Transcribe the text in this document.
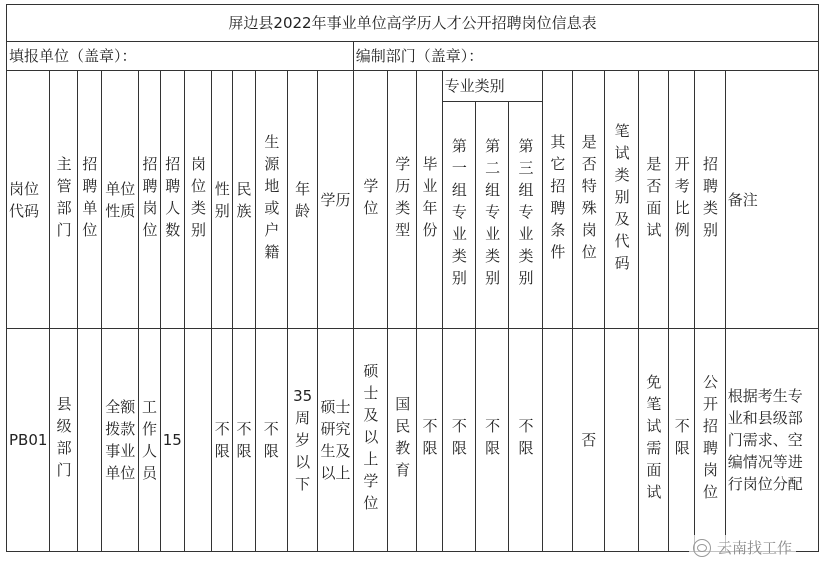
屏边县2022年事业单位高学历人才公开招聘岗位信息表																								
填报单位（盖章）：												编制部门（盖章）：												
岗位代码	主管部门	招聘单位	单位性质	招聘岗位	招聘人数	岗位类别	性别	民族	生源地或户籍	年龄	学历	学位	学历类型	毕业年份	专业类别			其它招聘条件	是否特殊岗位	笔试类别及代码	是否面试	开考比例	招聘类别	备注

															第一组专业类别	第二组专业类别	第三组专业类别							

PB01	县级部门		全额拨款事业单位	工作人员	15		不限	不限	不限	35周岁以下	硕士研究生及以上	硕士及以上学位	国民教育	不限	不限	不限	不限		否		免笔试需面试	不限	公开招聘岗位	根据考生专业和县级部门需求、空编情况等进行岗位分配
云南找工作
